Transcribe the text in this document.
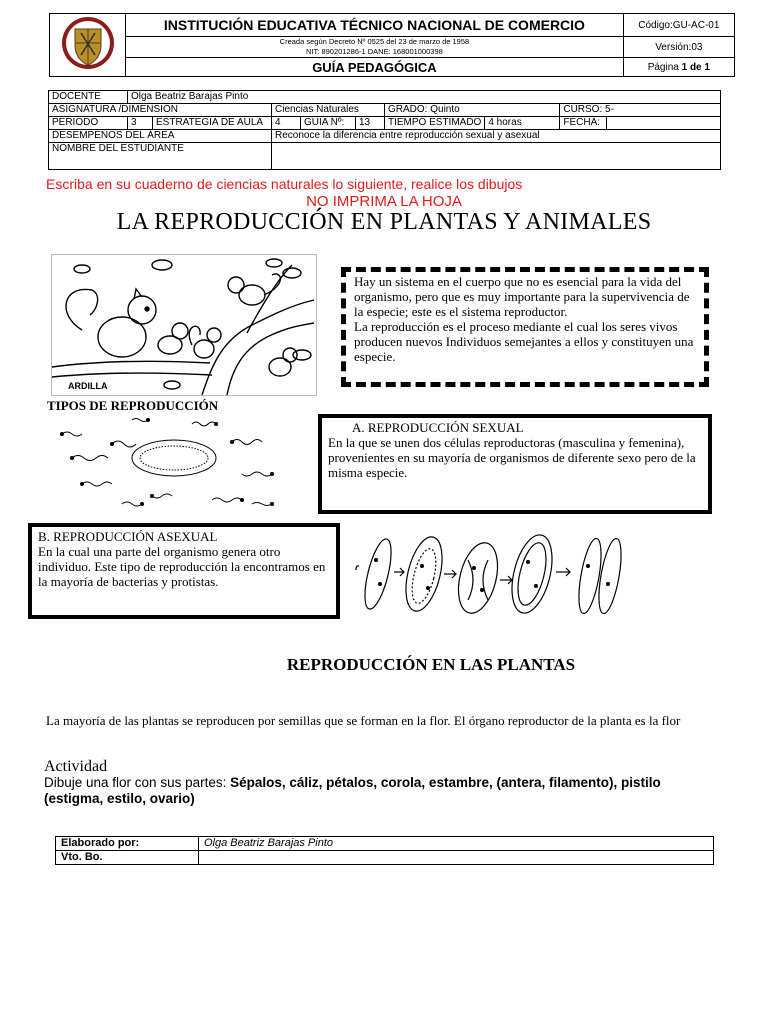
	INSTITUCIÓN EDUCATIVA TÉCNICO NACIONAL DE COMERCIO	Código:GU-AC-01

	Creada según Decreto Nº 0525 del 23 de marzo de 1958
NIT: 890201286-1 DANE: 168001000398	Versión:03
	GUÍA PEDAGÓGICA	Página 1 de 1
DOCENTE	Olga Beatriz Barajas Pinto								
ASIGNATURA /DIMENSIÓN			Ciencias Naturales			GRADO: Quinto		CURSO: 5-	
PERIODO	3	ESTRATEGIA DE AULA	4	GUIA Nº:	13	TIEMPO ESTIMADO	4 horas	FECHA:	
DESEMPEÑOS DEL ÁREA			Reconoce la diferencia entre reproducción sexual y asexual						
NOMBRE DEL ESTUDIANTE									
Escriba en su cuaderno de ciencias naturales lo siguiente, realice los dibujos
NO IMPRIMA LA HOJA
LA REPRODUCCIÓN EN PLANTAS Y ANIMALES
ARDILLA
Hay un sistema en el cuerpo que no es esencial para la vida del organismo, pero que es muy importante para la supervivencia de la especie; este es el sistema reproductor.
La reproducción es el proceso mediante el cual los seres vivos producen nuevos Individuos semejantes a ellos y constituyen una especie.
TIPOS DE REPRODUCCIÓN
A. REPRODUCCIÓN SEXUAL
En la que se unen dos células reproductoras (masculina y femenina), provenientes en su mayoría de organismos de diferente sexo pero de la misma especie.
B. REPRODUCCIÓN ASEXUAL
En la cual una parte del organismo genera otro individuo. Este tipo de reproducción la encontramos en la mayoría de bacterias y protistas.
REPRODUCCIÓN EN LAS PLANTAS
La mayoría de las plantas se reproducen por semillas que se forman en la flor. El órgano reproductor de la planta es la flor
Actividad
Dibuje una flor con sus partes: Sépalos, cáliz, pétalos, corola, estambre, (antera, filamento), pistilo (estigma, estilo, ovario)
Elaborado por:	Olga Beatriz Barajas Pinto
Vto. Bo.	
